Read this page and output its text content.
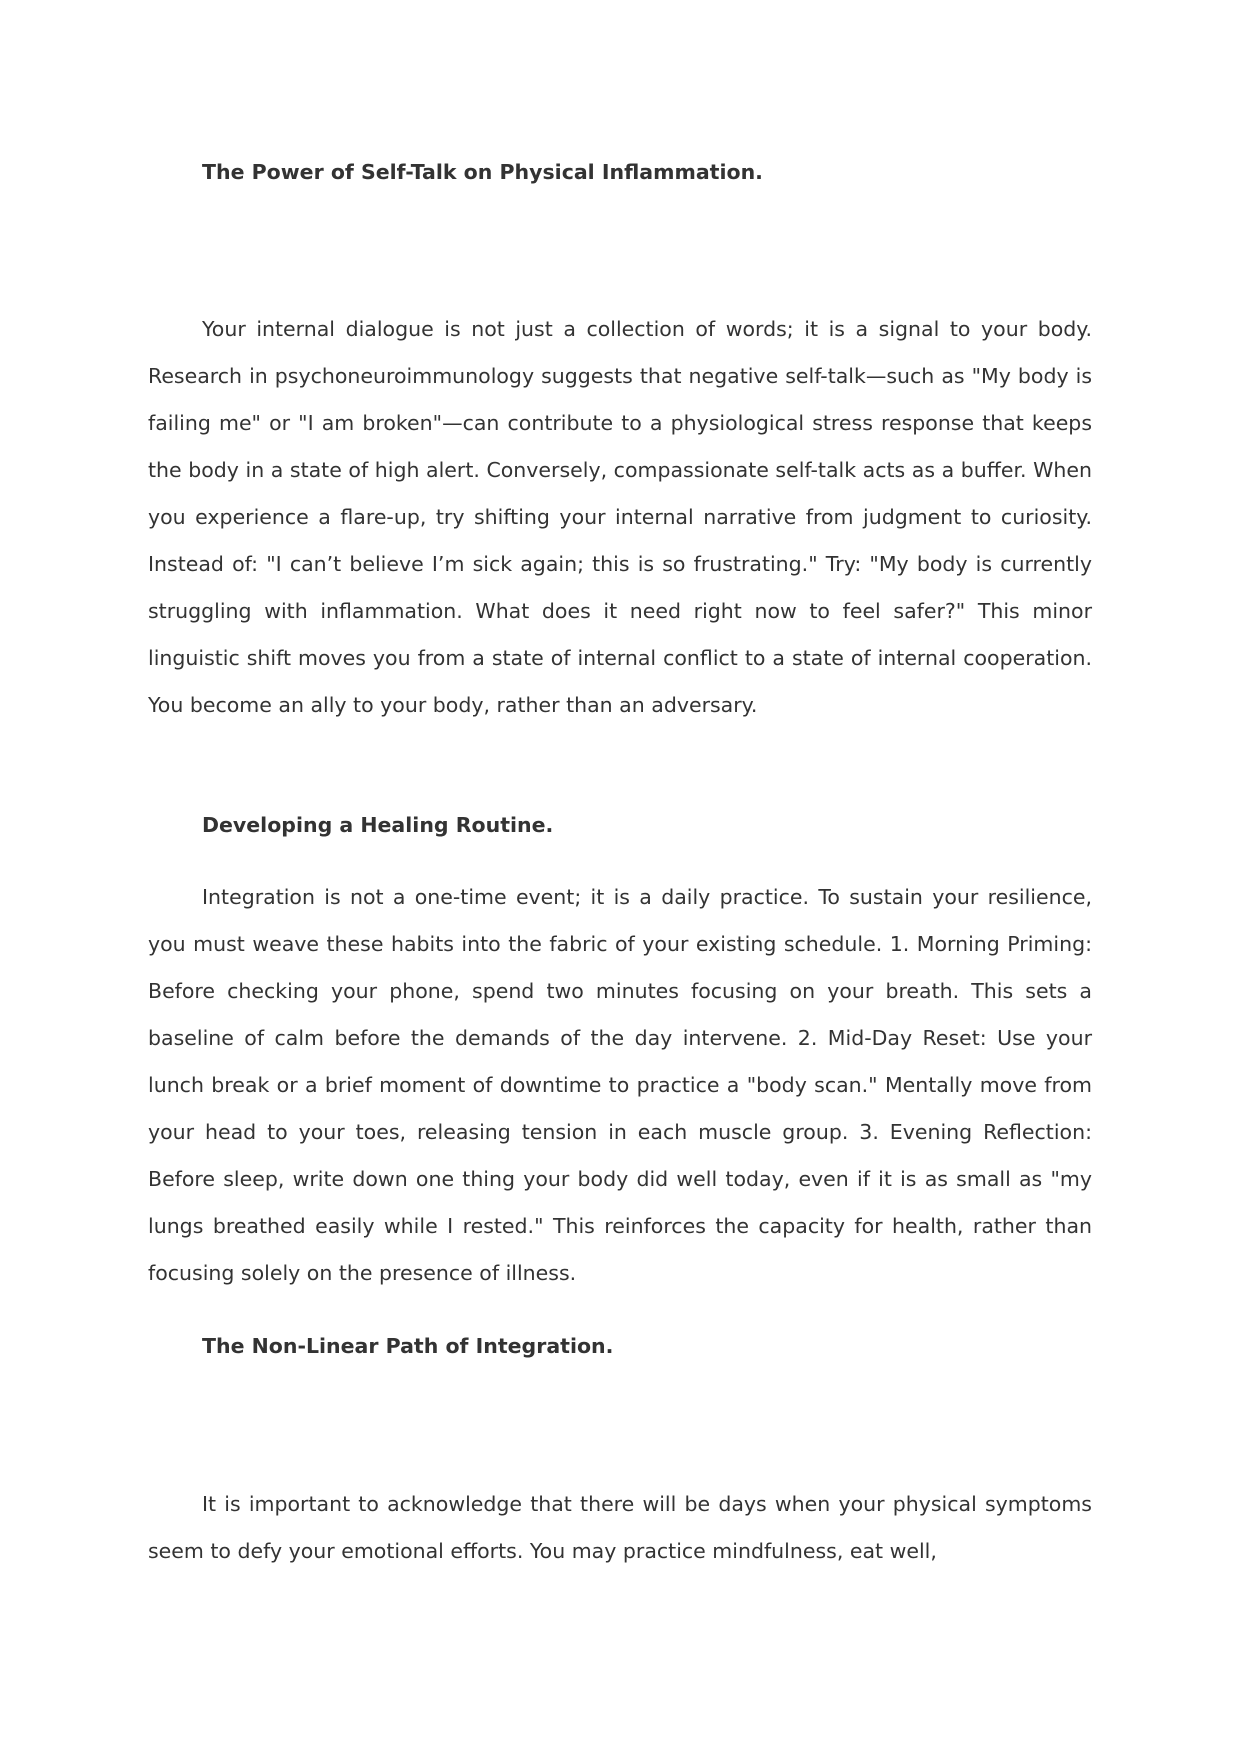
The Power of Self-Talk on Physical Inflammation.

Your internal dialogue is not just a collection of words; it is a signal to your body. Research in psychoneuroimmunology suggests that negative self-talk—such as "My body is failing me" or "I am broken"—can contribute to a physiological stress response that keeps the body in a state of high alert. Conversely, compassionate self-talk acts as a buffer. When you experience a flare-up, try shifting your internal narrative from judgment to curiosity. Instead of: "I can’t believe I’m sick again; this is so frustrating." Try: "My body is currently struggling with inflammation. What does it need right now to feel safer?" This minor linguistic shift moves you from a state of internal conflict to a state of internal cooperation. You become an ally to your body, rather than an adversary.

Developing a Healing Routine.

Integration is not a one-time event; it is a daily practice. To sustain your resilience, you must weave these habits into the fabric of your existing schedule. 1. Morning Priming: Before checking your phone, spend two minutes focusing on your breath. This sets a baseline of calm before the demands of the day intervene. 2. Mid-Day Reset: Use your lunch break or a brief moment of downtime to practice a "body scan." Mentally move from your head to your toes, releasing tension in each muscle group. 3. Evening Reflection: Before sleep, write down one thing your body did well today, even if it is as small as "my lungs breathed easily while I rested." This reinforces the capacity for health, rather than focusing solely on the presence of illness.

The Non-Linear Path of Integration.

It is important to acknowledge that there will be days when your physical symptoms seem to defy your emotional efforts. You may practice mindfulness, eat well,
